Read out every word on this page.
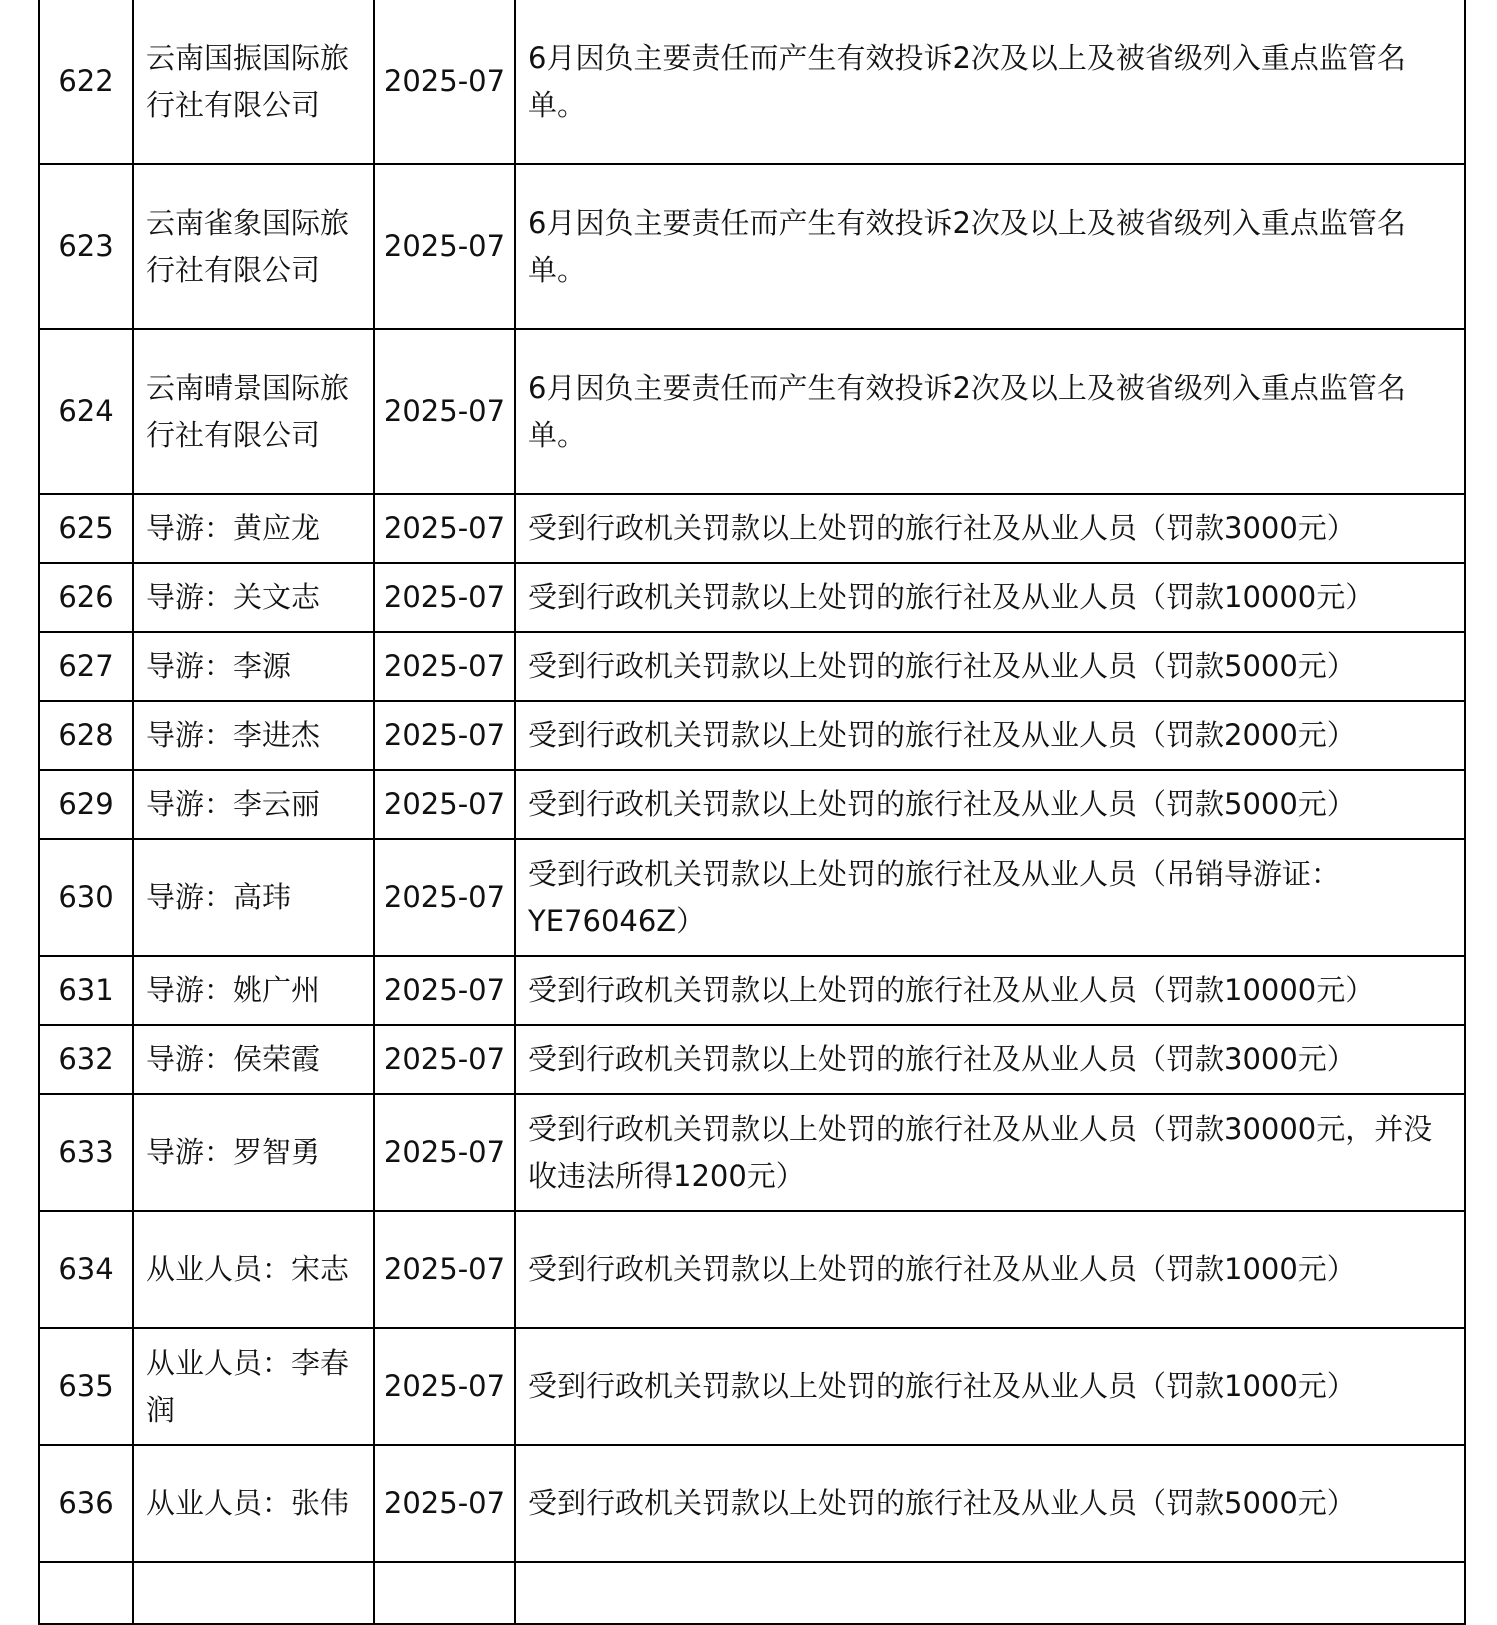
622	云南国振国际旅行社有限公司	2025-07	6月因负主要责任而产生有效投诉2次及以上及被省级列入重点监管名单。
623	云南雀象国际旅行社有限公司	2025-07	6月因负主要责任而产生有效投诉2次及以上及被省级列入重点监管名单。
624	云南晴景国际旅行社有限公司	2025-07	6月因负主要责任而产生有效投诉2次及以上及被省级列入重点监管名单。
625	导游：黄应龙	2025-07	受到行政机关罚款以上处罚的旅行社及从业人员（罚款3000元）
626	导游：关文志	2025-07	受到行政机关罚款以上处罚的旅行社及从业人员（罚款10000元）
627	导游：李源	2025-07	受到行政机关罚款以上处罚的旅行社及从业人员（罚款5000元）
628	导游：李进杰	2025-07	受到行政机关罚款以上处罚的旅行社及从业人员（罚款2000元）
629	导游：李云丽	2025-07	受到行政机关罚款以上处罚的旅行社及从业人员（罚款5000元）
630	导游：高玮	2025-07	受到行政机关罚款以上处罚的旅行社及从业人员（吊销导游证：YE76046Z）
631	导游：姚广州	2025-07	受到行政机关罚款以上处罚的旅行社及从业人员（罚款10000元）
632	导游：侯荣霞	2025-07	受到行政机关罚款以上处罚的旅行社及从业人员（罚款3000元）
633	导游：罗智勇	2025-07	受到行政机关罚款以上处罚的旅行社及从业人员（罚款30000元，并没收违法所得1200元）
634	从业人员：宋志	2025-07	受到行政机关罚款以上处罚的旅行社及从业人员（罚款1000元）
635	从业人员：李春润	2025-07	受到行政机关罚款以上处罚的旅行社及从业人员（罚款1000元）
636	从业人员：张伟	2025-07	受到行政机关罚款以上处罚的旅行社及从业人员（罚款5000元）
